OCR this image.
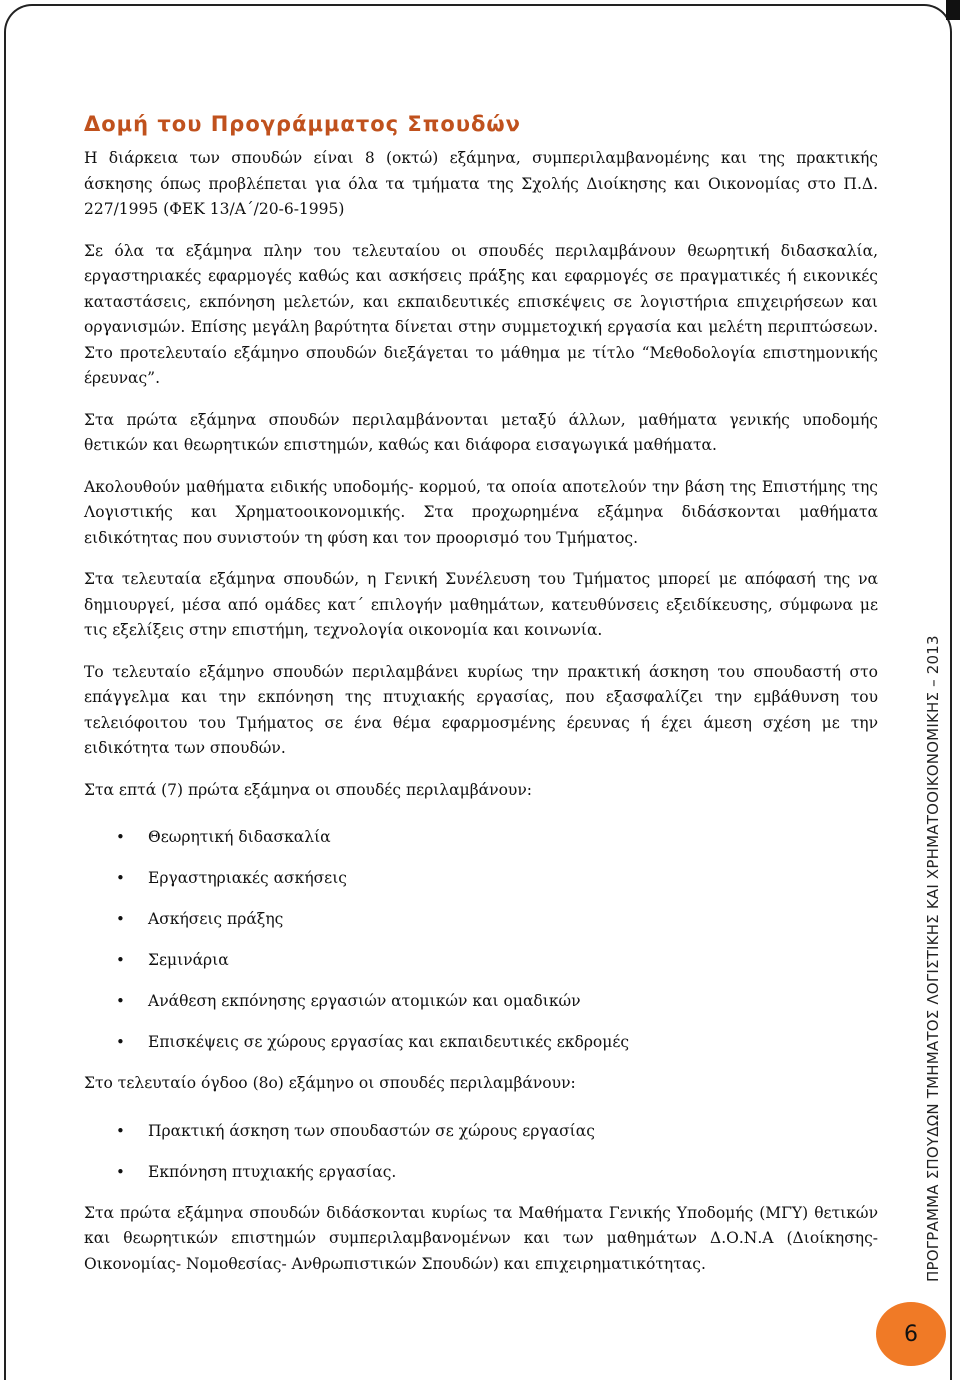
Δομή του Προγράμματος Σπουδών

Η διάρκεια των σπουδών είναι 8 (οκτώ) εξάμηνα, συμπεριλαμβανομένης και της πρακτικής άσκησης όπως προβλέπεται για όλα τα τμήματα της Σχολής Διοίκησης και Οικονομίας στο Π.Δ. 227/1995 (ΦΕΚ 13/Α΄/20-6-1995)

Σε όλα τα εξάμηνα πλην του τελευταίου οι σπουδές περιλαμβάνουν θεωρητική διδασκαλία, εργαστηριακές εφαρμογές καθώς και ασκήσεις πράξης και εφαρμογές σε πραγματικές ή εικονικές καταστάσεις, εκπόνηση μελετών, και εκπαιδευτικές επισκέψεις σε λογιστήρια επιχειρήσεων και οργανισμών. Επίσης μεγάλη βαρύτητα δίνεται στην συμμετοχική εργασία και μελέτη περιπτώσεων. Στο προτελευταίο εξάμηνο σπουδών διεξάγεται το μάθημα με τίτλο “Μεθοδολογία επιστημονικής έρευνας”.

Στα πρώτα εξάμηνα σπουδών περιλαμβάνονται μεταξύ άλλων, μαθήματα γενικής υποδομής θετικών και θεωρητικών επιστημών, καθώς και διάφορα εισαγωγικά μαθήματα.

Ακολουθούν μαθήματα ειδικής υποδομής- κορμού, τα οποία αποτελούν την βάση της Επιστήμης της Λογιστικής και Χρηματοοικονομικής. Στα προχωρημένα εξάμηνα διδάσκονται μαθήματα ειδικότητας που συνιστούν τη φύση και τον προορισμό του Τμήματος.

Στα τελευταία εξάμηνα σπουδών, η Γενική Συνέλευση του Τμήματος μπορεί με απόφασή της να δημιουργεί, μέσα από ομάδες κατ΄ επιλογήν μαθημάτων, κατευθύνσεις εξειδίκευσης, σύμφωνα με τις εξελίξεις στην επιστήμη, τεχνολογία οικονομία και κοινωνία.

Το τελευταίο εξάμηνο σπουδών περιλαμβάνει κυρίως την πρακτική άσκηση του σπουδαστή στο επάγγελμα και την εκπόνηση της πτυχιακής εργασίας, που εξασφαλίζει την εμβάθυνση του τελειόφοιτου του Τμήματος σε ένα θέμα εφαρμοσμένης έρευνας ή έχει άμεση σχέση με την ειδικότητα των σπουδών.

Στα επτά (7) πρώτα εξάμηνα οι σπουδές περιλαμβάνουν:

• Θεωρητική διδασκαλία
• Εργαστηριακές ασκήσεις
• Ασκήσεις πράξης
• Σεμινάρια
• Ανάθεση εκπόνησης εργασιών ατομικών και ομαδικών
• Επισκέψεις σε χώρους εργασίας και εκπαιδευτικές εκδρομές

Στο τελευταίο όγδοο (8ο) εξάμηνο οι σπουδές περιλαμβάνουν:

• Πρακτική άσκηση των σπουδαστών σε χώρους εργασίας
• Εκπόνηση πτυχιακής εργασίας.

Στα πρώτα εξάμηνα σπουδών διδάσκονται κυρίως τα Μαθήματα Γενικής Υποδομής (ΜΓΥ) θετικών και θεωρητικών επιστημών συμπεριλαμβανομένων και των μαθημάτων Δ.Ο.Ν.Α (Διοίκησης- Οικονομίας- Νομοθεσίας- Ανθρωπιστικών Σπουδών) και επιχειρηματικότητας.	ΠΡΟΓΡΑΜΜΑ ΣΠΟΥΔΩΝ ΤΜΗΜΑΤΟΣ ΛΟΓΙΣΤΙΚΗΣ ΚΑΙ ΧΡΗΜΑΤΟΟΙΚΟΝΟΜΙΚΗΣ – 2013
6
